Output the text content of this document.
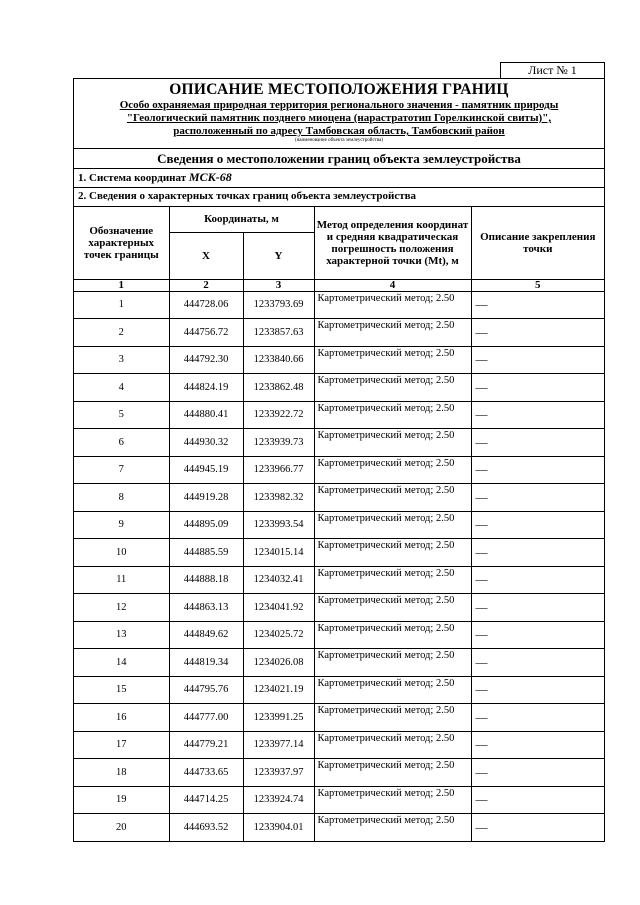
Лист № 1
ОПИСАНИЕ МЕСТОПОЛОЖЕНИЯ ГРАНИЦ
Особо охраняемая природная территория регионального значения - памятник природы
"Геологический памятник позднего миоцена (нарастратотип Горелкинской свиты)",
расположенный по адресу Тамбовская область, Тамбовский район
(наименование объекта землеустройства)
Сведения о местоположении границ объекта землеустройства
1. Система координат МСК-68
2. Сведения о характерных точках границ объекта землеустройства
Обозначение характерных точек границы	Координаты, м		Метод определения координат и средняя квадратическая погрешность положения характерной точки (Mt), м	Описание закрепления точки
	X	Y		
1	2	3	4	5
1	444728.06	1233793.69	Картометрический метод; 2.50	—
2	444756.72	1233857.63	Картометрический метод; 2.50	—
3	444792.30	1233840.66	Картометрический метод; 2.50	—
4	444824.19	1233862.48	Картометрический метод; 2.50	—
5	444880.41	1233922.72	Картометрический метод; 2.50	—
6	444930.32	1233939.73	Картометрический метод; 2.50	—
7	444945.19	1233966.77	Картометрический метод; 2.50	—
8	444919.28	1233982.32	Картометрический метод; 2.50	—
9	444895.09	1233993.54	Картометрический метод; 2.50	—
10	444885.59	1234015.14	Картометрический метод; 2.50	—
11	444888.18	1234032.41	Картометрический метод; 2.50	—
12	444863.13	1234041.92	Картометрический метод; 2.50	—
13	444849.62	1234025.72	Картометрический метод; 2.50	—
14	444819.34	1234026.08	Картометрический метод; 2.50	—
15	444795.76	1234021.19	Картометрический метод; 2.50	—
16	444777.00	1233991.25	Картометрический метод; 2.50	—
17	444779.21	1233977.14	Картометрический метод; 2.50	—
18	444733.65	1233937.97	Картометрический метод; 2.50	—
19	444714.25	1233924.74	Картометрический метод; 2.50	—
20	444693.52	1233904.01	Картометрический метод; 2.50	—
